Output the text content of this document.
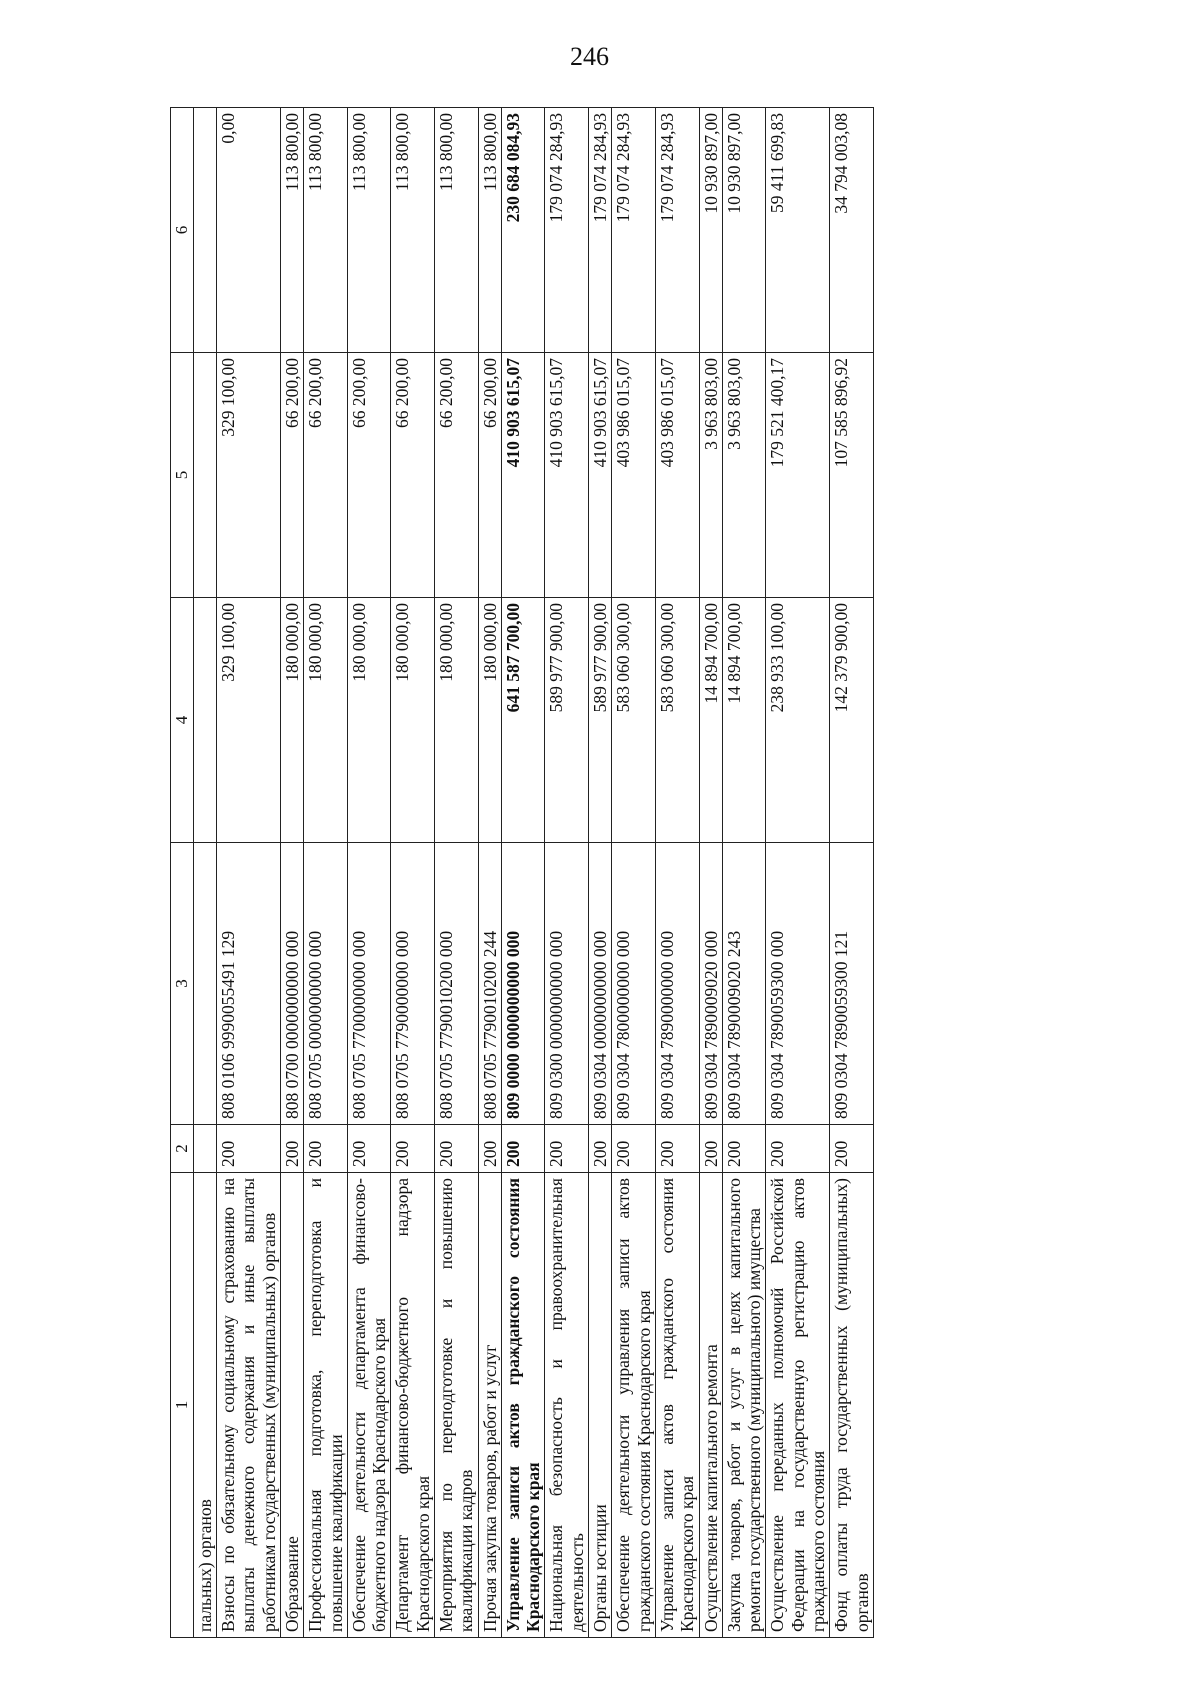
246
1	2	3	4	5	6
пальных) органов					
Взносы по обязательному социальному страхованию на выплаты денежного содержания и иные выплаты работникам государственных (муниципальных) органов	200	808 0106 9990055491 129	329 100,00	329 100,00	0,00
Образование	200	808 0700 0000000000 000	180 000,00	66 200,00	113 800,00
Профессиональная подготовка, переподготовка и повышение квалификации	200	808 0705 0000000000 000	180 000,00	66 200,00	113 800,00
Обеспечение деятельности департамента финансово-бюджетного надзора Краснодарского края	200	808 0705 7700000000 000	180 000,00	66 200,00	113 800,00
Департамент финансово-бюджетного надзора Краснодарского края	200	808 0705 7790000000 000	180 000,00	66 200,00	113 800,00
Мероприятия по переподготовке и повышению квалификации кадров	200	808 0705 7790010200 000	180 000,00	66 200,00	113 800,00
Прочая закупка товаров, работ и услуг	200	808 0705 7790010200 244	180 000,00	66 200,00	113 800,00
Управление записи актов гражданского состояния Краснодарского края	200	809 0000 0000000000 000	641 587 700,00	410 903 615,07	230 684 084,93
Национальная безопасность и правоохранительная деятельность	200	809 0300 0000000000 000	589 977 900,00	410 903 615,07	179 074 284,93
Органы юстиции	200	809 0304 0000000000 000	589 977 900,00	410 903 615,07	179 074 284,93
Обеспечение деятельности управления записи актов гражданского состояния Краснодарского края	200	809 0304 7800000000 000	583 060 300,00	403 986 015,07	179 074 284,93
Управление записи актов гражданского состояния Краснодарского края	200	809 0304 7890000000 000	583 060 300,00	403 986 015,07	179 074 284,93
Осуществление капитального ремонта	200	809 0304 7890009020 000	14 894 700,00	3 963 803,00	10 930 897,00
Закупка товаров, работ и услуг в целях капитального ремонта государственного (муниципального) имущества	200	809 0304 7890009020 243	14 894 700,00	3 963 803,00	10 930 897,00
Осуществление переданных полномочий Российской Федерации на государственную регистрацию актов гражданского состояния	200	809 0304 7890059300 000	238 933 100,00	179 521 400,17	59 411 699,83
Фонд оплаты труда государственных (муниципальных) органов	200	809 0304 7890059300 121	142 379 900,00	107 585 896,92	34 794 003,08
